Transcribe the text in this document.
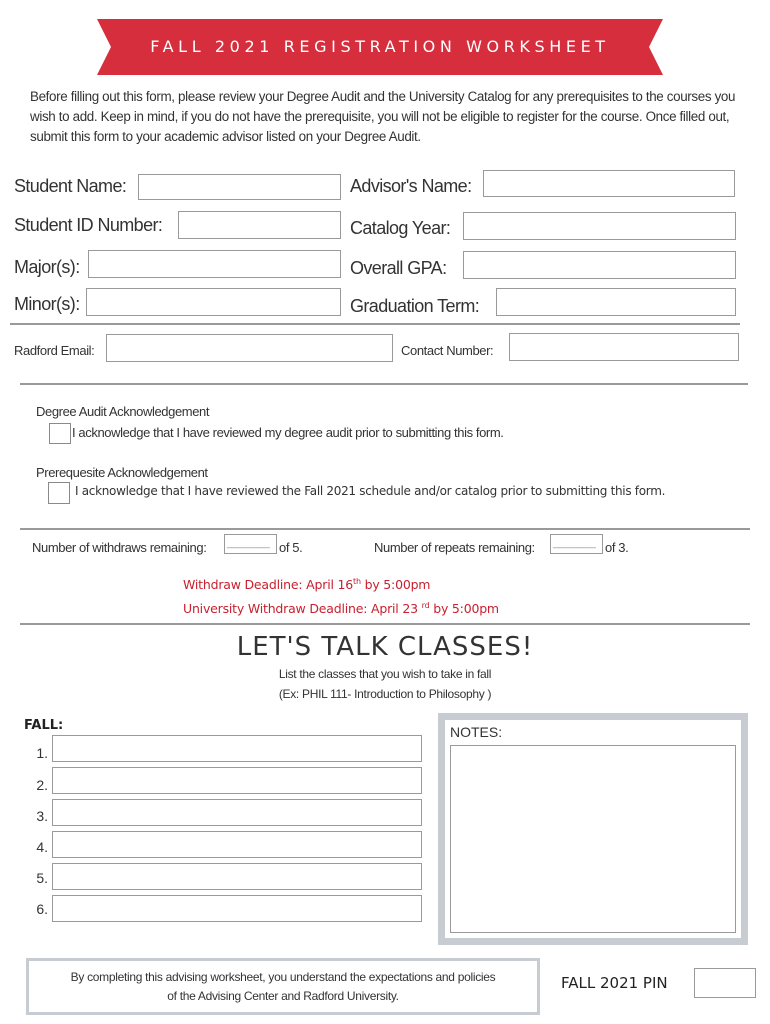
FALL 2021 REGISTRATION WORKSHEET
Before filling out this form, please review your Degree Audit and the University Catalog for any prerequisites to the courses you wish to add. Keep in mind, if you do not have the prerequisite, you will not be eligible to register for the course. Once filled out, submit this form to your academic advisor listed on your Degree Audit.
Student Name:	Advisor's Name:
Student ID Number:	Catalog Year:
Major(s):	Overall GPA:
Minor(s):	Graduation Term:
Radford Email:	Contact Number:
Degree Audit Acknowledgement
I acknowledge that I have reviewed my degree audit prior to submitting this form.
Prerequesite Acknowledgement
I acknowledge that I have reviewed the Fall 2021 schedule and/or catalog prior to submitting this form.
Number of withdraws remaining: _______ of 5.	Number of repeats remaining: _______ of 3.
Withdraw Deadline: April 16th by 5:00pm
University Withdraw Deadline: April 23 $^{rd}$ by 5:00pm
LET'S TALK CLASSES!
List the classes that you wish to take in fall
(Ex: PHIL 111- Introduction to Philosophy )
FALL:
1.
2.
3.
4.
5.
6.
NOTES:
By completing this advising worksheet, you understand the expectations and policies
of the Advising Center and Radford University.
FALL 2021 PIN
